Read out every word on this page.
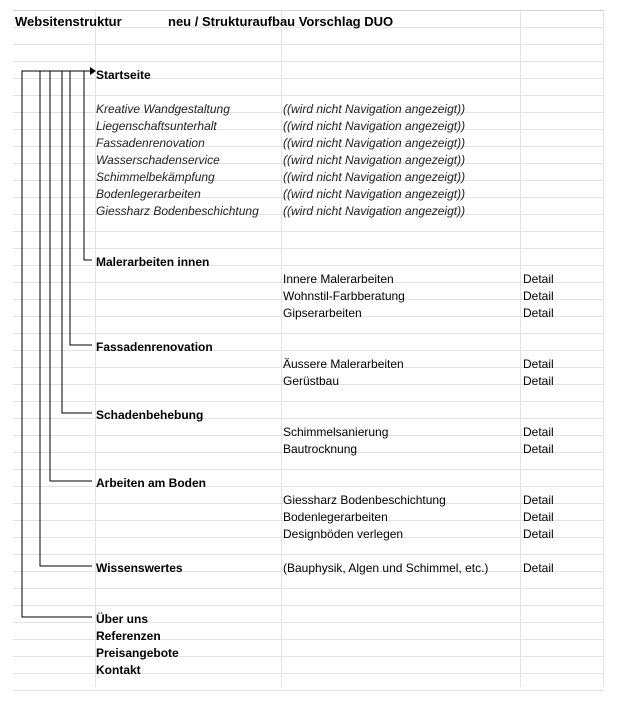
Websitenstruktur	neu / Strukturaufbau Vorschlag DUO
Startseite
Kreative Wandgestaltung	((wird nicht Navigation angezeigt))
Liegenschaftsunterhalt	((wird nicht Navigation angezeigt))
Fassadenrenovation	((wird nicht Navigation angezeigt))
Wasserschadenservice	((wird nicht Navigation angezeigt))
Schimmelbekämpfung	((wird nicht Navigation angezeigt))
Bodenlegerarbeiten	((wird nicht Navigation angezeigt))
Giessharz Bodenbeschichtung ((wird nicht Navigation angezeigt))
Malerarbeiten innen
Innere Malerarbeiten	Detail
Wohnstil-Farbberatung	Detail
Gipserarbeiten	Detail
Fassadenrenovation
Äussere Malerarbeiten	Detail
Gerüstbau	Detail
Schadenbehebung
Schimmelsanierung	Detail
Bautrocknung	Detail
Arbeiten am Boden
Giessharz Bodenbeschichtung	Detail
Bodenlegerarbeiten	Detail
Designböden verlegen	Detail
Wissenswertes	(Bauphysik, Algen und Schimmel, etc.)	Detail
Über uns
Referenzen
Preisangebote
Kontakt
